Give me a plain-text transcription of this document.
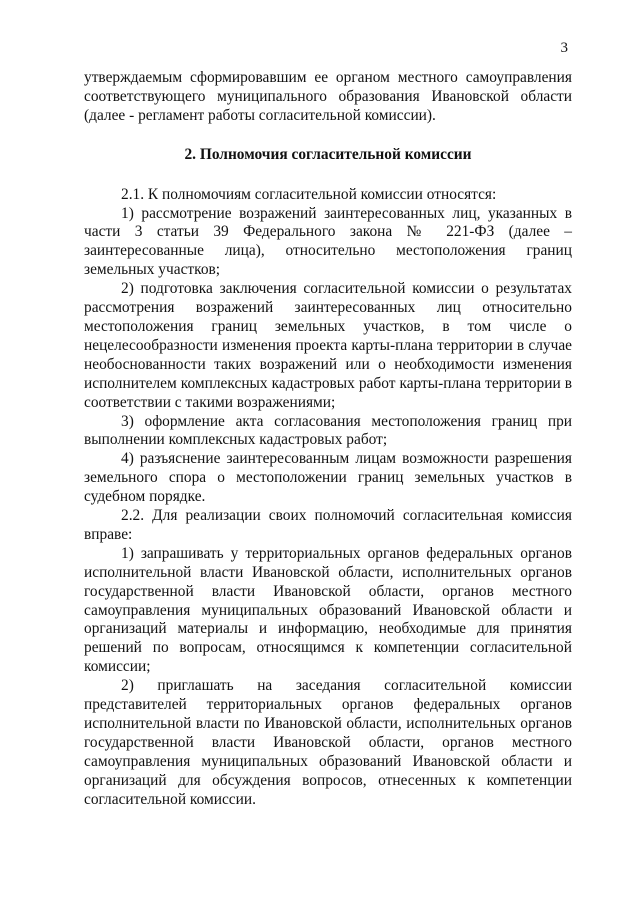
3

утверждаемым сформировавшим ее органом местного самоуправления соответствующего муниципального образования Ивановской области (далее - регламент работы согласительной комиссии).

2. Полномочия согласительной комиссии

2.1. К полномочиям согласительной комиссии относятся:

1) рассмотрение возражений заинтересованных лиц, указанных в части 3 статьи 39 Федерального закона № 221-ФЗ (далее – заинтересованные лица), относительно местоположения границ земельных участков;

2) подготовка заключения согласительной комиссии о результатах рассмотрения возражений заинтересованных лиц относительно местоположения границ земельных участков, в том числе о нецелесообразности изменения проекта карты-плана территории в случае необоснованности таких возражений или о необходимости изменения исполнителем комплексных кадастровых работ карты-плана территории в соответствии с такими возражениями;

3) оформление акта согласования местоположения границ при выполнении комплексных кадастровых работ;

4) разъяснение заинтересованным лицам возможности разрешения земельного спора о местоположении границ земельных участков в судебном порядке.

2.2. Для реализации своих полномочий согласительная комиссия вправе:

1) запрашивать у территориальных органов федеральных органов исполнительной власти Ивановской области, исполнительных органов государственной власти Ивановской области, органов местного самоуправления муниципальных образований Ивановской области и организаций материалы и информацию, необходимые для принятия решений по вопросам, относящимся к компетенции согласительной комиссии;

2) приглашать на заседания согласительной комиссии представителей территориальных органов федеральных органов исполнительной власти по Ивановской области, исполнительных органов государственной власти Ивановской области, органов местного самоуправления муниципальных образований Ивановской области и организаций для обсуждения вопросов, отнесенных к компетенции согласительной комиссии.
